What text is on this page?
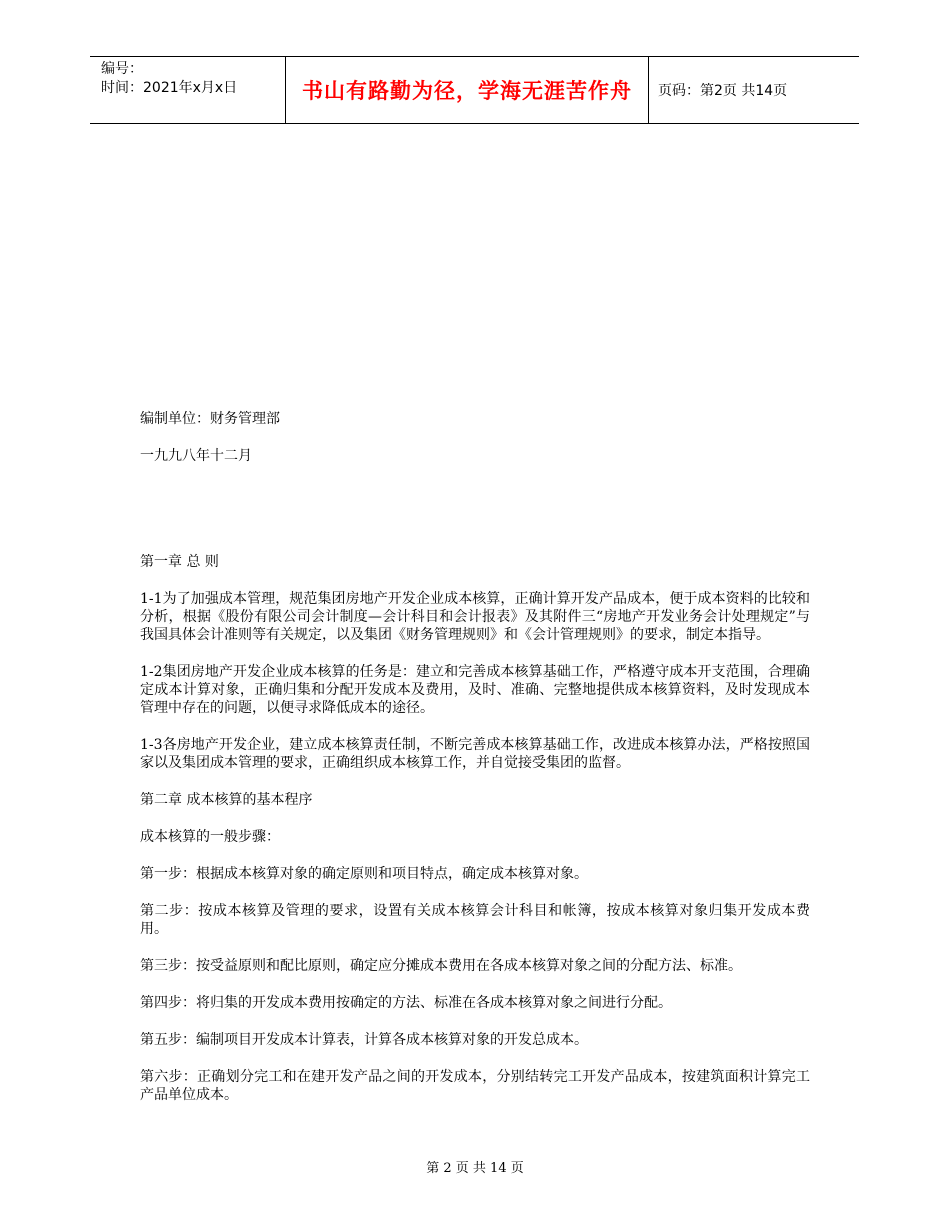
编号：
时间：2021年x月x日	书山有路勤为径，学海无涯苦作舟	页码：第2页 共14页

编制单位：财务管理部

一九九八年十二月

第一章 总 则

1-1为了加强成本管理，规范集团房地产开发企业成本核算，正确计算开发产品成本，便于成本资料的比较和分析，根据《股份有限公司会计制度—会计科目和会计报表》及其附件三“房地产开发业务会计处理规定”与我国具体会计准则等有关规定，以及集团《财务管理规则》和《会计管理规则》的要求，制定本指导。

1-2集团房地产开发企业成本核算的任务是：建立和完善成本核算基础工作，严格遵守成本开支范围，合理确定成本计算对象，正确归集和分配开发成本及费用，及时、准确、完整地提供成本核算资料，及时发现成本管理中存在的问题，以便寻求降低成本的途径。

1-3各房地产开发企业，建立成本核算责任制，不断完善成本核算基础工作，改进成本核算办法，严格按照国家以及集团成本管理的要求，正确组织成本核算工作，并自觉接受集团的监督。

第二章 成本核算的基本程序

成本核算的一般步骤：

第一步：根据成本核算对象的确定原则和项目特点，确定成本核算对象。

第二步：按成本核算及管理的要求，设置有关成本核算会计科目和帐簿，按成本核算对象归集开发成本费用。

第三步：按受益原则和配比原则，确定应分摊成本费用在各成本核算对象之间的分配方法、标准。

第四步：将归集的开发成本费用按确定的方法、标准在各成本核算对象之间进行分配。

第五步：编制项目开发成本计算表，计算各成本核算对象的开发总成本。

第六步：正确划分完工和在建开发产品之间的开发成本，分别结转完工开发产品成本，按建筑面积计算完工产品单位成本。

第 2 页 共 14 页
